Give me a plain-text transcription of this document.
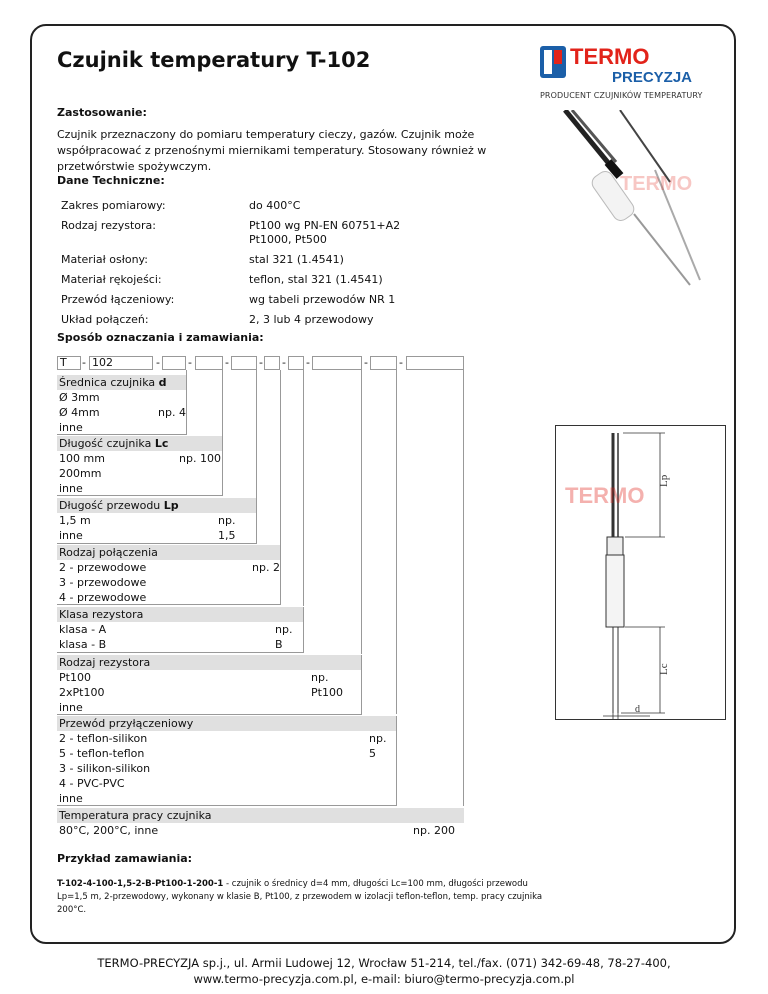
Czujnik temperatury T-102	TERMO
PRECYZJA
PRODUCENT CZUJNIKÓW TEMPERATURY
Zastosowanie:
Czujnik przeznaczony do pomiaru temperatury cieczy, gazów. Czujnik może współpracować z przenośnymi miernikami temperatury. Stosowany również w przetwórstwie spożywczym.
TERMO
Dane Techniczne:
Zakres pomiarowy:	do 400°C
Rodzaj rezystora:	Pt100 wg PN-EN 60751+A2
Pt1000, Pt500

Materiał osłony:	stal 321 (1.4541)
Materiał rękojeści:	teflon, stal 321 (1.4541)
Przewód łączeniowy:	wg tabeli przewodów NR 1
Układ połączeń:	2, 3 lub 4 przewodowy
Sposób oznaczania i zamawiania:
T - 102	-	-	-	- - -	-	-
Średnica czujnika d
Ø 3mm
Ø 4mm
inne
np. 4
Długość czujnika Lc
100 mm
200mm
inne
np. 100
Długość przewodu Lp
1,5 m
inne
np. 1,5
Rodzaj połączenia
2 - przewodowe
3 - przewodowe
4 - przewodowe
np. 2
Klasa rezystora
klasa - A
klasa - B
np. B
Rodzaj rezystora
Pt100
2xPt100
inne
np. Pt100
Przewód przyłączeniowy
2 - teflon-silikon
5 - teflon-teflon
3 - silikon-silikon
4 - PVC-PVC
inne
np. 5
Temperatura pracy czujnika
80°C, 200°C, inne	np. 200
Lp
Lc
d
TERMO
Przykład zamawiania:
T-102-4-100-1,5-2-B-Pt100-1-200-1 - czujnik o średnicy d=4 mm, długości Lc=100 mm, długości przewodu Lp=1,5 m, 2-przewodowy, wykonany w klasie B, Pt100, z przewodem w izolacji teflon-teflon, temp. pracy czujnika 200°C.
TERMO-PRECYZJA sp.j., ul. Armii Ludowej 12, Wrocław 51-214, tel./fax. (071) 342-69-48, 78-27-400,
www.termo-precyzja.com.pl, e-mail: biuro@termo-precyzja.com.pl
